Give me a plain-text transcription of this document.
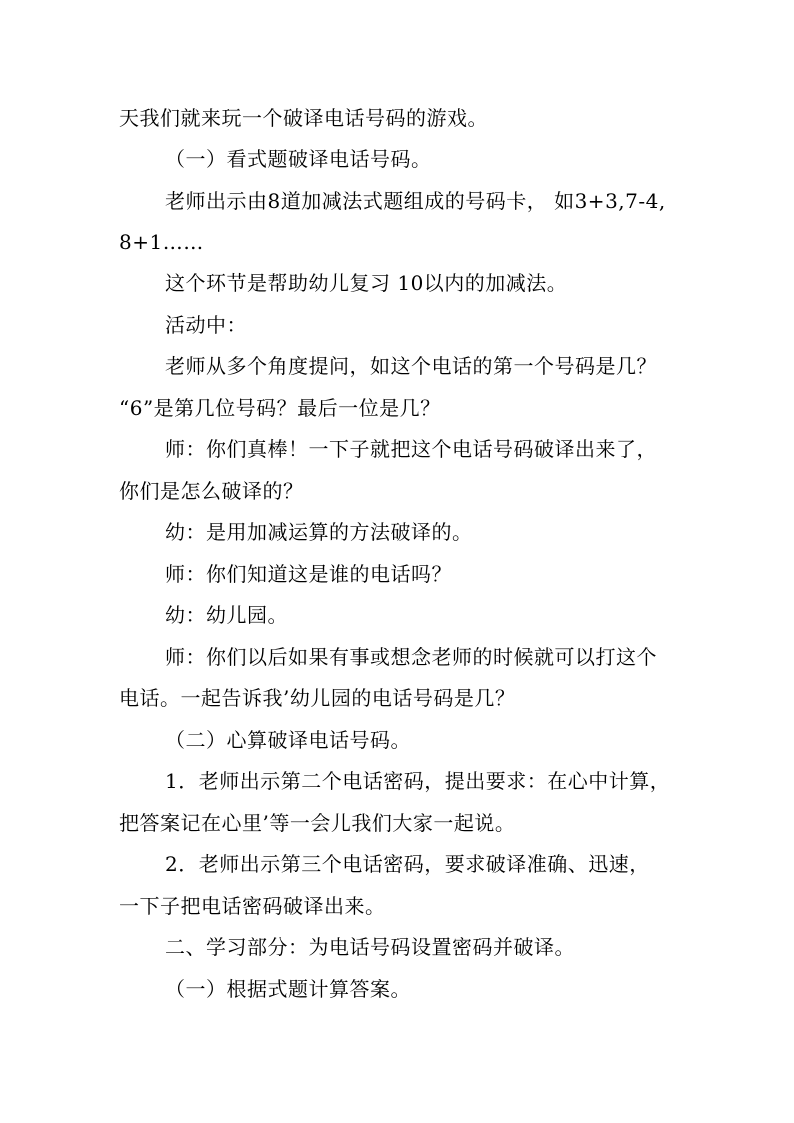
天我们就来玩一个破译电话号码的游戏。
（一）看式题破译电话号码。
老师出示由8道加减法式题组成的号码卡， 如3+3,7-4,
8+1……
这个环节是帮助幼儿复习 10以内的加减法。
活动中：
老师从多个角度提问，如这个电话的第一个号码是几？
“6”是第几位号码？最后一位是几？
师：你们真棒！一下子就把这个电话号码破译出来了，
你们是怎么破译的？
幼：是用加减运算的方法破译的。
师：你们知道这是谁的电话吗？
幼：幼儿园。
师：你们以后如果有事或想念老师的时候就可以打这个
电话。一起告诉我’幼儿园的电话号码是几？
（二）心算破译电话号码。
1．老师出示第二个电话密码，提出要求：在心中计算，
把答案记在心里’等一会儿我们大家一起说。
2．老师出示第三个电话密码，要求破译准确、迅速，
一下子把电话密码破译出来。
二、学习部分：为电话号码设置密码并破译。
（一）根据式题计算答案。
